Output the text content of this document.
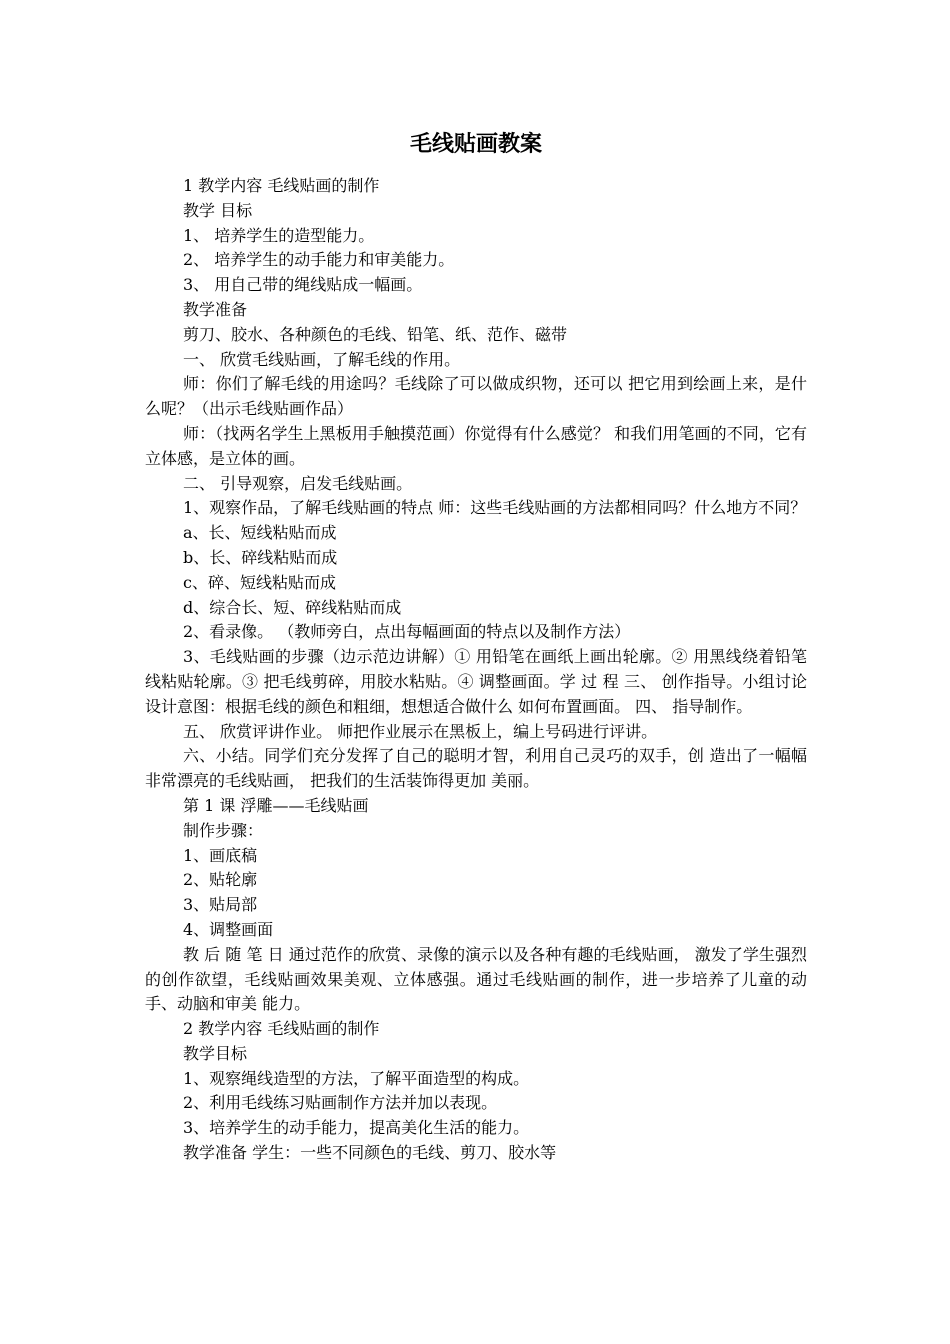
毛线贴画教案

1 教学内容 毛线贴画的制作

教学 目标

1、 培养学生的造型能力。

2、 培养学生的动手能力和审美能力。

3、 用自己带的绳线贴成一幅画。

教学准备

剪刀、胶水、各种颜色的毛线、铅笔、纸、范作、磁带

一、 欣赏毛线贴画，了解毛线的作用。

师：你们了解毛线的用途吗？毛线除了可以做成织物，还可以 把它用到绘画上来，是什么呢？（出示毛线贴画作品）

师：（找两名学生上黑板用手触摸范画）你觉得有什么感觉？ 和我们用笔画的不同，它有立体感，是立体的画。

二、 引导观察，启发毛线贴画。

1、观察作品，了解毛线贴画的特点 师：这些毛线贴画的方法都相同吗？什么地方不同？

a、长、短线粘贴而成

b、长、碎线粘贴而成

c、碎、短线粘贴而成

d、综合长、短、碎线粘贴而成

2、看录像。 （教师旁白，点出每幅画面的特点以及制作方法）

3、毛线贴画的步骤（边示范边讲解）① 用铅笔在画纸上画出轮廓。② 用黑线绕着铅笔线粘贴轮廓。③ 把毛线剪碎，用胶水粘贴。④ 调整画面。学 过 程 三、 创作指导。小组讨论设计意图：根据毛线的颜色和粗细，想想适合做什么 如何布置画面。 四、 指导制作。

五、 欣赏评讲作业。 师把作业展示在黑板上，编上号码进行评讲。

六、小结。同学们充分发挥了自己的聪明才智，利用自己灵巧的双手，创 造出了一幅幅非常漂亮的毛线贴画， 把我们的生活装饰得更加 美丽。

第 1 课 浮雕——毛线贴画

制作步骤：

1、画底稿

2、贴轮廓

3、贴局部

4、调整画面

教 后 随 笔 日 通过范作的欣赏、录像的演示以及各种有趣的毛线贴画， 激发了学生强烈的创作欲望，毛线贴画效果美观、立体感强。通过毛线贴画的制作，进一步培养了儿童的动手、动脑和审美 能力。

2 教学内容 毛线贴画的制作

教学目标

1、观察绳线造型的方法，了解平面造型的构成。

2、利用毛线练习贴画制作方法并加以表现。

3、培养学生的动手能力，提高美化生活的能力。

教学准备 学生：一些不同颜色的毛线、剪刀、胶水等
